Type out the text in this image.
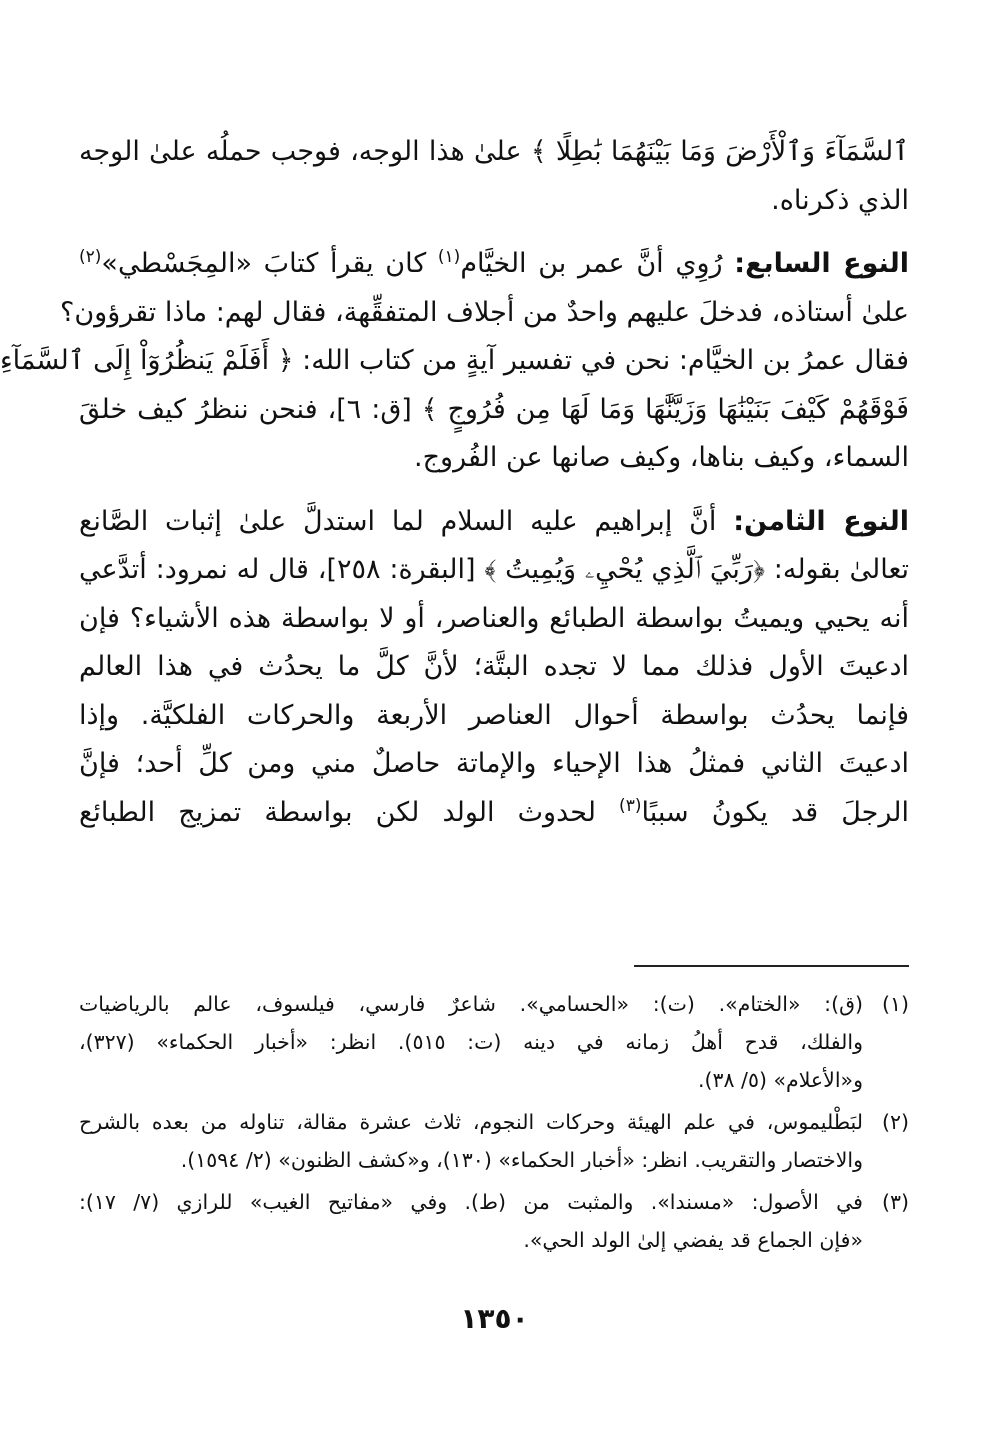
ٱلسَّمَآءَ وَٱلْأَرْضَ وَمَا بَيْنَهُمَا بَٰطِلًا ﴾ علىٰ هذا الوجه، فوجب حملُه علىٰ الوجه
الذي ذكرناه.

النوع السابع: رُوِي أنَّ عمر بن الخيَّام$^{(١)}$ كان يقرأ كتابَ «المِجَسْطي»$^{(٢)}$
علىٰ أستاذه، فدخلَ عليهم واحدٌ من أجلاف المتفقِّهة، فقال لهم: ماذا تقرؤون؟
فقال عمرُ بن الخيَّام: نحن في تفسير آيةٍ من كتاب الله: ﴿ أَفَلَمْ يَنظُرُوٓاْ إِلَى ٱلسَّمَآءِ
فَوْقَهُمْ كَيْفَ بَنَيْنَٰهَا وَزَيَّنَّٰهَا وَمَا لَهَا مِن فُرُوجٍ ﴾ [ق: ٦]، فنحن ننظرُ كيف خلقَ
السماء، وكيف بناها، وكيف صانها عن الفُروج.

النوع الثامن: أنَّ إبراهيم عليه السلام لما استدلَّ علىٰ إثبات الصَّانع
تعالىٰ بقوله: ﴿رَبِّيَ ٱلَّذِي يُحْيِۦ وَيُمِيتُ ﴾ [البقرة: ٢٥٨]، قال له نمرود: أتدَّعي
أنه يحيي ويميتُ بواسطة الطبائع والعناصر، أو لا بواسطة هذه الأشياء؟ فإن
ادعيتَ الأول فذلك مما لا تجده البتَّة؛ لأنَّ كلَّ ما يحدُث في هذا العالم
فإنما يحدُث بواسطة أحوال العناصر الأربعة والحركات الفلكيَّة. وإذا
ادعيتَ الثاني فمثلُ هذا الإحياء والإماتة حاصلٌ مني ومن كلِّ أحد؛ فإنَّ
الرجلَ قد يكونُ سببًا$^{(٣)}$ لحدوث الولد لكن بواسطة تمزيج الطبائع

(١)
(ق): «الختام». (ت): «الحسامي». شاعرٌ فارسي، فيلسوف، عالم بالرياضيات
والفلك، قدح أهلُ زمانه في دينه (ت: ٥١٥). انظر: «أخبار الحكماء» (٣٢٧)،
و«الأعلام» (٥/ ٣٨).
(٢)
لبَطْليموس، في علم الهيئة وحركات النجوم، ثلاث عشرة مقالة، تناوله من بعده بالشرح
والاختصار والتقريب. انظر: «أخبار الحكماء» (١٣٠)، و«كشف الظنون» (٢/ ١٥٩٤).
(٣)
في الأصول: «مسندا». والمثبت من (ط). وفي «مفاتيح الغيب» للرازي (٧/ ١٧):
«فإن الجماع قد يفضي إلىٰ الولد الحي».
١٣٥٠
